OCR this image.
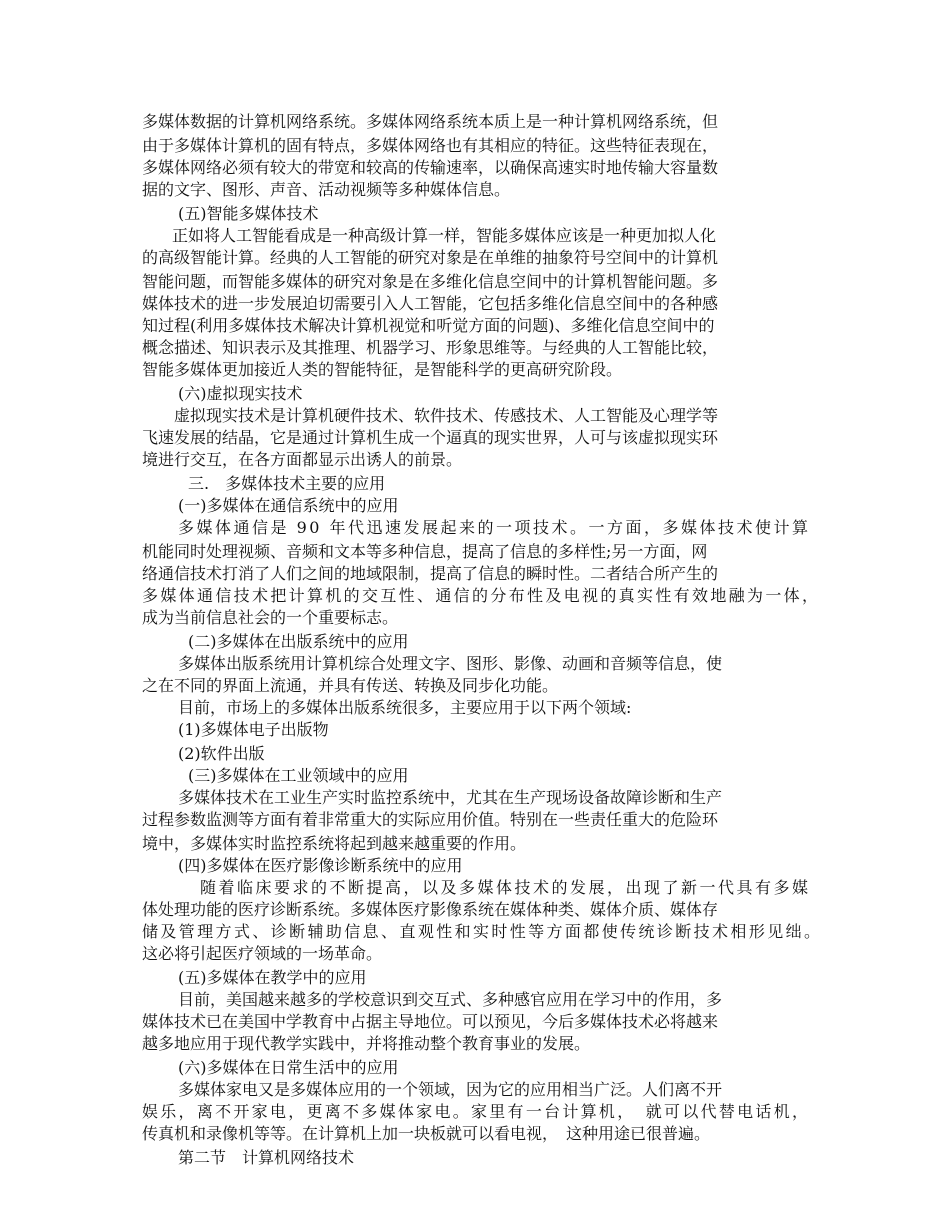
多媒体数据的计算机网络系统。多媒体网络系统本质上是一种计算机网络系统，但
由于多媒体计算机的固有特点，多媒体网络也有其相应的特征。这些特征表现在，
多媒体网络必须有较大的带宽和较高的传输速率，以确保高速实时地传输大容量数
据的文字、图形、声音、活动视频等多种媒体信息。
(五)智能多媒体技术
正如将人工智能看成是一种高级计算一样，智能多媒体应该是一种更加拟人化
的高级智能计算。经典的人工智能的研究对象是在单维的抽象符号空间中的计算机
智能问题，而智能多媒体的研究对象是在多维化信息空间中的计算机智能问题。多
媒体技术的进一步发展迫切需要引入人工智能，它包括多维化信息空间中的各种感
知过程(利用多媒体技术解决计算机视觉和听觉方面的问题)、多维化信息空间中的
概念描述、知识表示及其推理、机器学习、形象思维等。与经典的人工智能比较，
智能多媒体更加接近人类的智能特征，是智能科学的更高研究阶段。
(六)虚拟现实技术
虚拟现实技术是计算机硬件技术、软件技术、传感技术、人工智能及心理学等
飞速发展的结晶，它是通过计算机生成一个逼真的现实世界，人可与该虚拟现实环
境进行交互，在各方面都显示出诱人的前景。
三.　多媒体技术主要的应用
(一)多媒体在通信系统中的应用
多媒体通信是 90 年代迅速发展起来的一项技术。一方面，多媒体技术使计算
机能同时处理视频、音频和文本等多种信息，提高了信息的多样性;另一方面，网
络通信技术打消了人们之间的地域限制，提高了信息的瞬时性。二者结合所产生的
多媒体通信技术把计算机的交互性、通信的分布性及电视的真实性有效地融为一体，
成为当前信息社会的一个重要标志。
(二)多媒体在出版系统中的应用
多媒体出版系统用计算机综合处理文字、图形、影像、动画和音频等信息，使
之在不同的界面上流通，并具有传送、转换及同步化功能。
目前，市场上的多媒体出版系统很多，主要应用于以下两个领域:
(1)多媒体电子出版物
(2)软件出版
(三)多媒体在工业领域中的应用
多媒体技术在工业生产实时监控系统中，尤其在生产现场设备故障诊断和生产
过程参数监测等方面有着非常重大的实际应用价值。特别在一些责任重大的危险环
境中，多媒体实时监控系统将起到越来越重要的作用。
(四)多媒体在医疗影像诊断系统中的应用
随着临床要求的不断提高，以及多媒体技术的发展，出现了新一代具有多媒
体处理功能的医疗诊断系统。多媒体医疗影像系统在媒体种类、媒体介质、媒体存
储及管理方式、诊断辅助信息、直观性和实时性等方面都使传统诊断技术相形见绌。
这必将引起医疗领域的一场革命。
(五)多媒体在教学中的应用
目前，美国越来越多的学校意识到交互式、多种感官应用在学习中的作用，多
媒体技术已在美国中学教育中占据主导地位。可以预见，今后多媒体技术必将越来
越多地应用于现代教学实践中，并将推动整个教育事业的发展。
(六)多媒体在日常生活中的应用
多媒体家电又是多媒体应用的一个领域，因为它的应用相当广泛。人们离不开
娱乐，离不开家电，更离不多媒体家电。家里有一台计算机，　就可以代替电话机，
传真机和录像机等等。在计算机上加一块板就可以看电视，　这种用途已很普遍。
第二节　计算机网络技术
